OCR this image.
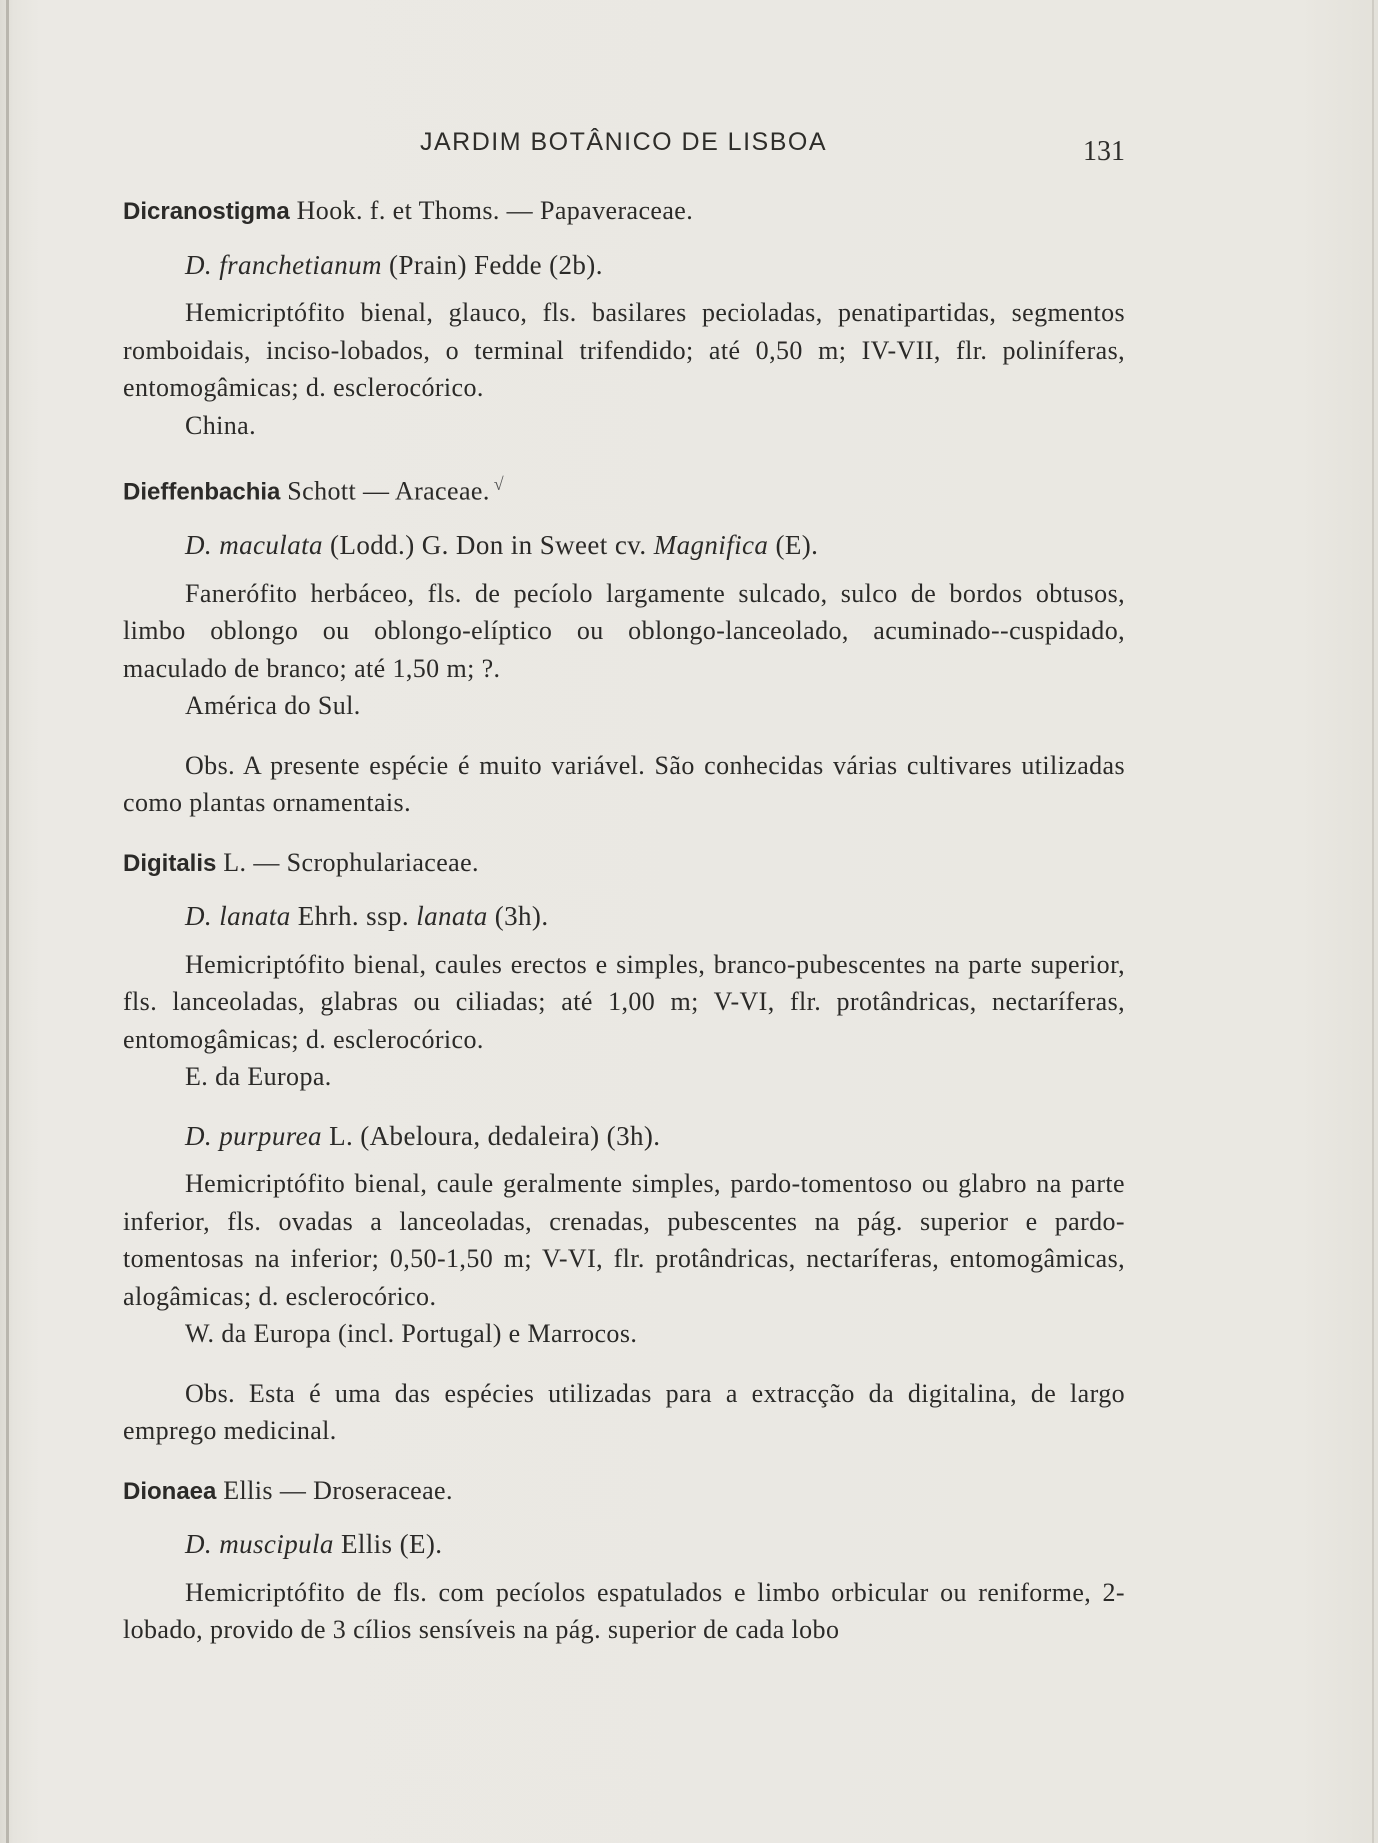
JARDIM BOTÂNICO DE LISBOA	131

Dicranostigma Hook. f. et Thoms. — Papaveraceae.

D. franchetianum (Prain) Fedde (2b).

Hemicriptófito bienal, glauco, fls. basilares pecioladas, penatipartidas, segmentos romboidais, inciso-lobados, o terminal trifendido; até 0,50 m; IV-VII, flr. poliníferas, entomogâmicas; d. esclerocórico.

China.

Dieffenbachia Schott — Araceae. √

D. maculata (Lodd.) G. Don in Sweet cv. Magnifica (E).

Fanerófito herbáceo, fls. de pecíolo largamente sulcado, sulco de bordos obtusos, limbo oblongo ou oblongo-elíptico ou oblongo-lanceolado, acuminado--cuspidado, maculado de branco; até 1,50 m; ?.

América do Sul.

Obs. A presente espécie é muito variável. São conhecidas várias cultivares utilizadas como plantas ornamentais.

Digitalis L. — Scrophulariaceae.

D. lanata Ehrh. ssp. lanata (3h).

Hemicriptófito bienal, caules erectos e simples, branco-pubescentes na parte superior, fls. lanceoladas, glabras ou ciliadas; até 1,00 m; V-VI, flr. protândricas, nectaríferas, entomogâmicas; d. esclerocórico.

E. da Europa.

D. purpurea L. (Abeloura, dedaleira) (3h).

Hemicriptófito bienal, caule geralmente simples, pardo-tomentoso ou glabro na parte inferior, fls. ovadas a lanceoladas, crenadas, pubescentes na pág. superior e pardo-tomentosas na inferior; 0,50-1,50 m; V-VI, flr. protândricas, nectaríferas, entomogâmicas, alogâmicas; d. esclerocórico.

W. da Europa (incl. Portugal) e Marrocos.

Obs. Esta é uma das espécies utilizadas para a extracção da digitalina, de largo emprego medicinal.

Dionaea Ellis — Droseraceae.

D. muscipula Ellis (E).

Hemicriptófito de fls. com pecíolos espatulados e limbo orbicular ou reniforme, 2-lobado, provido de 3 cílios sensíveis na pág. superior de cada lobo
